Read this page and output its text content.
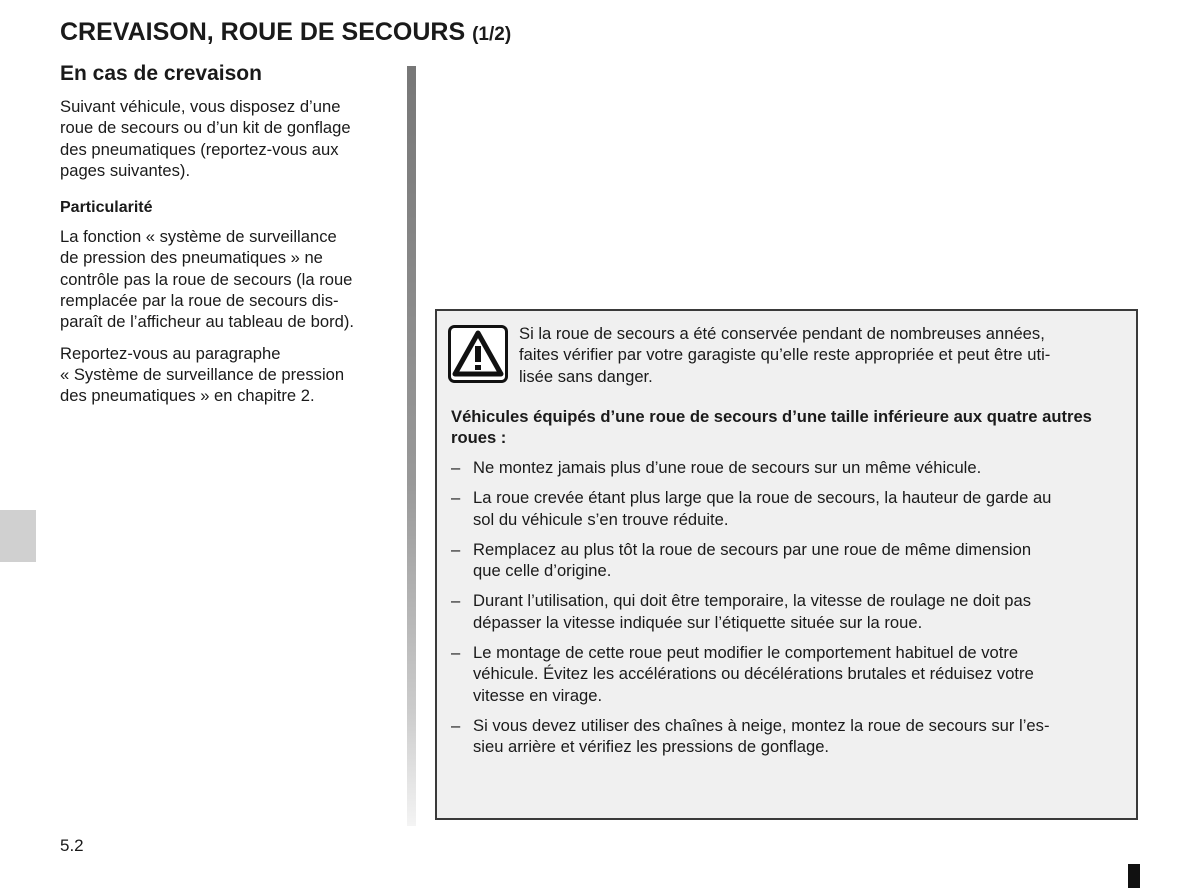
CREVAISON, ROUE DE SECOURS (1/2)
En cas de crevaison

Suivant véhicule, vous disposez d’une
roue de secours ou d’un kit de gonflage
des pneumatiques (reportez-vous aux
pages suivantes).

Particularité

La fonction « système de surveillance
de pression des pneumatiques » ne
contrôle pas la roue de secours (la roue
remplacée par la roue de secours dis-
paraît de l’afficheur au tableau de bord).

Reportez-vous au paragraphe
« Système de surveillance de pression
des pneumatiques » en chapitre 2.

Si la roue de secours a été conservée pendant de nombreuses années,
faites vérifier par votre garagiste qu’elle reste appropriée et peut être uti-
lisée sans danger.

Véhicules équipés d’une roue de secours d’une taille inférieure aux quatre autres roues :

– Ne montez jamais plus d’une roue de secours sur un même véhicule.
– La roue crevée étant plus large que la roue de secours, la hauteur de garde au
sol du véhicule s’en trouve réduite.
– Remplacez au plus tôt la roue de secours par une roue de même dimension
que celle d’origine.
– Durant l’utilisation, qui doit être temporaire, la vitesse de roulage ne doit pas
dépasser la vitesse indiquée sur l’étiquette située sur la roue.
– Le montage de cette roue peut modifier le comportement habituel de votre
véhicule. Évitez les accélérations ou décélérations brutales et réduisez votre
vitesse en virage.
– Si vous devez utiliser des chaînes à neige, montez la roue de secours sur l’es-
sieu arrière et vérifiez les pressions de gonflage.
5.2
